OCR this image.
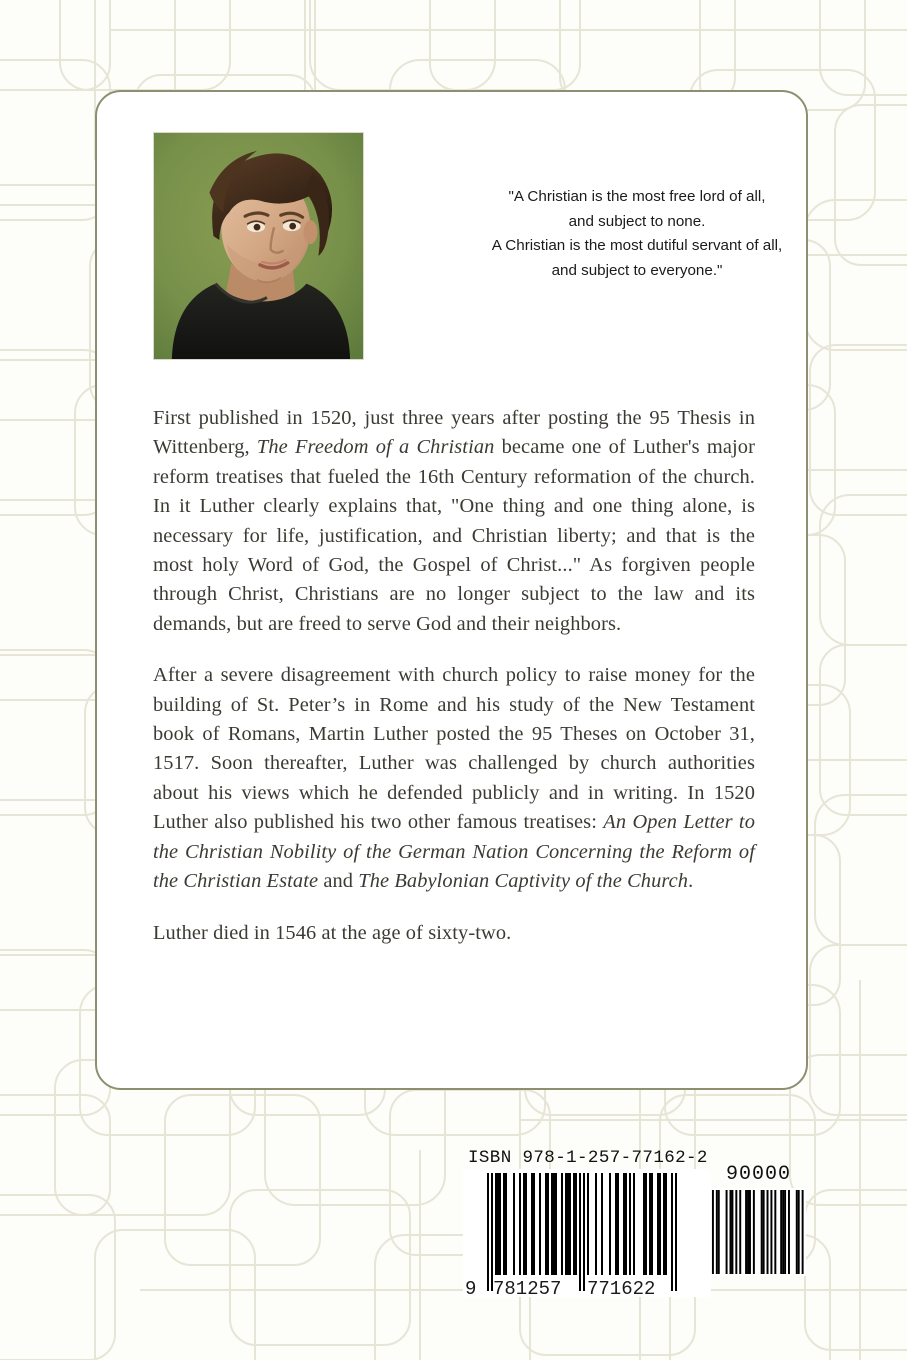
"A Christian is the most free lord of all,
and subject to none.
A Christian is the most dutiful servant of all,
and subject to everyone."

First published in 1520, just three years after posting the 95 Thesis in Wittenberg, The Freedom of a Christian became one of Luther's major reform treatises that fueled the 16th Century reformation of the church. In it Luther clearly explains that, "One thing and one thing alone, is necessary for life, justification, and Christian liberty; and that is the most holy Word of God, the Gospel of Christ..." As forgiven people through Christ, Christians are no longer subject to the law and its demands, but are freed to serve God and their neighbors.

After a severe disagreement with church policy to raise money for the building of St. Peter’s in Rome and his study of the New Testament book of Romans, Martin Luther posted the 95 Theses on October 31, 1517. Soon thereafter, Luther was challenged by church authorities about his views which he defended publicly and in writing. In 1520 Luther also published his two other famous treatises: An Open Letter to the Christian Nobility of the German Nation Concerning the Reform of the Christian Estate and The Babylonian Captivity of the Church.

Luther died in 1546 at the age of sixty-two.

ISBN 978-1-257-77162-2
9 781257 771622
90000
